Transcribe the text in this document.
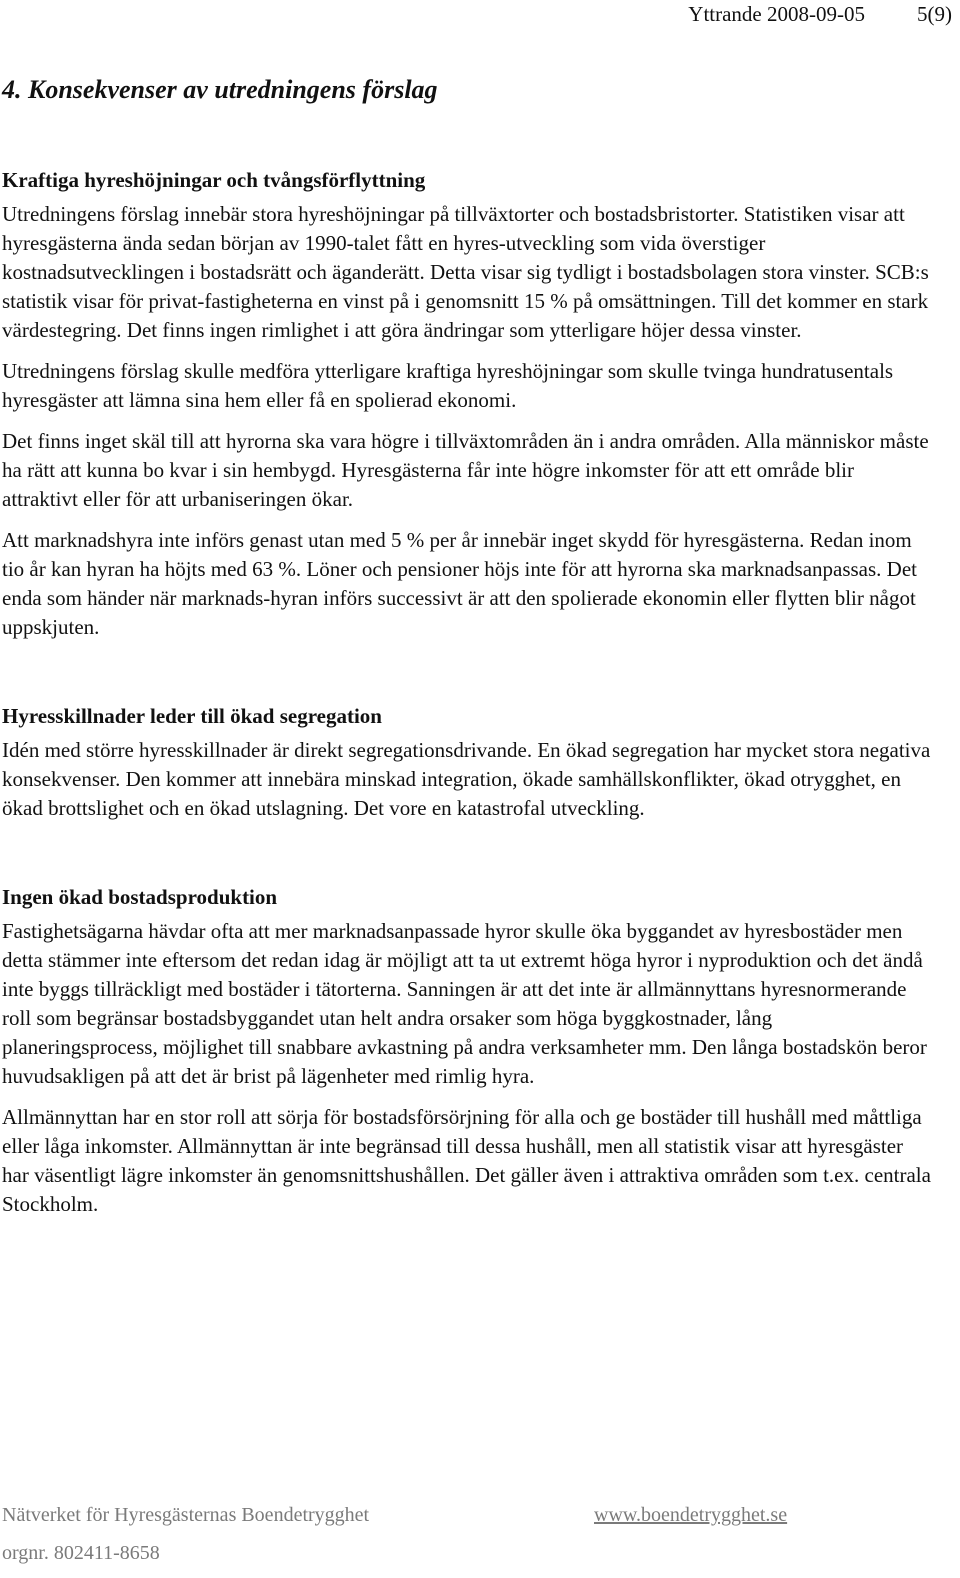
Yttrande 2008-09-05 5(9)
4. Konsekvenser av utredningens förslag
Kraftiga hyreshöjningar och tvångsförflyttning

Utredningens förslag innebär stora hyreshöjningar på tillväxtorter och bostadsbristorter. Statistiken visar att hyresgästerna ända sedan början av 1990-talet fått en hyres-utveckling som vida överstiger kostnadsutvecklingen i bostadsrätt och äganderätt. Detta visar sig tydligt i bostadsbolagen stora vinster. SCB:s statistik visar för privat-fastigheterna en vinst på i genomsnitt 15 % på omsättningen. Till det kommer en stark värdestegring. Det finns ingen rimlighet i att göra ändringar som ytterligare höjer dessa vinster.

Utredningens förslag skulle medföra ytterligare kraftiga hyreshöjningar som skulle tvinga hundratusentals hyresgäster att lämna sina hem eller få en spolierad ekonomi.

Det finns inget skäl till att hyrorna ska vara högre i tillväxtområden än i andra områden. Alla människor måste ha rätt att kunna bo kvar i sin hembygd. Hyresgästerna får inte högre inkomster för att ett område blir attraktivt eller för att urbaniseringen ökar.

Att marknadshyra inte införs genast utan med 5 % per år innebär inget skydd för hyresgästerna. Redan inom tio år kan hyran ha höjts med 63 %. Löner och pensioner höjs inte för att hyrorna ska marknadsanpassas. Det enda som händer när marknads-hyran införs successivt är att den spolierade ekonomin eller flytten blir något uppskjuten.

Hyresskillnader leder till ökad segregation

Idén med större hyresskillnader är direkt segregationsdrivande. En ökad segregation har mycket stora negativa konsekvenser. Den kommer att innebära minskad integration, ökade samhällskonflikter, ökad otrygghet, en ökad brottslighet och en ökad utslagning. Det vore en katastrofal utveckling.

Ingen ökad bostadsproduktion

Fastighetsägarna hävdar ofta att mer marknadsanpassade hyror skulle öka byggandet av hyresbostäder men detta stämmer inte eftersom det redan idag är möjligt att ta ut extremt höga hyror i nyproduktion och det ändå inte byggs tillräckligt med bostäder i tätorterna. Sanningen är att det inte är allmännyttans hyresnormerande roll som begränsar bostadsbyggandet utan helt andra orsaker som höga byggkostnader, lång planeringsprocess, möjlighet till snabbare avkastning på andra verksamheter mm. Den långa bostadskön beror huvudsakligen på att det är brist på lägenheter med rimlig hyra.

Allmännyttan har en stor roll att sörja för bostadsförsörjning för alla och ge bostäder till hushåll med måttliga eller låga inkomster. Allmännyttan är inte begränsad till dessa hushåll, men all statistik visar att hyresgäster har väsentligt lägre inkomster än genomsnittshushållen. Det gäller även i attraktiva områden som t.ex. centrala Stockholm.

Nätverket för Hyresgästernas Boendetrygghet	www.boendetrygghet.se
orgnr. 802411-8658
